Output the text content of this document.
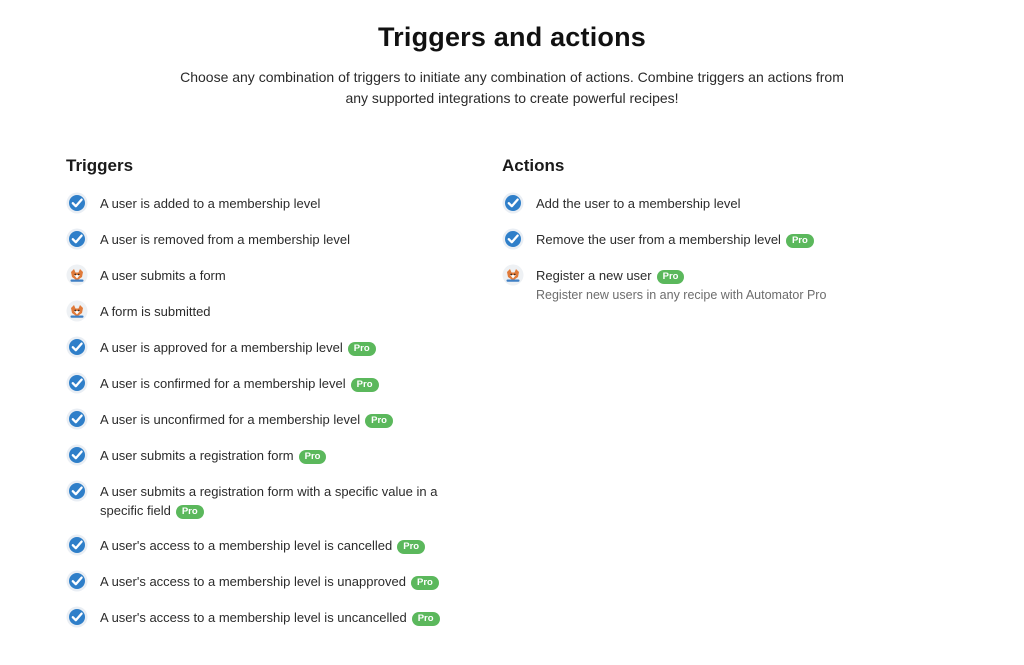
Triggers and actions

Choose any combination of triggers to initiate any combination of actions. Combine triggers an actions from any supported integrations to create powerful recipes!

Triggers
A user is added to a membership level
A user is removed from a membership level
A user submits a form
A form is submitted
A user is approved for a membership level Pro
A user is confirmed for a membership level Pro
A user is unconfirmed for a membership level Pro
A user submits a registration form Pro
A user submits a registration form with a specific value in a specific field Pro
A user's access to a membership level is cancelled Pro
A user's access to a membership level is unapproved Pro
A user's access to a membership level is uncancelled Pro
Actions
Add the user to a membership level
Remove the user from a membership level Pro
Register a new user Pro
Register new users in any recipe with Automator Pro
